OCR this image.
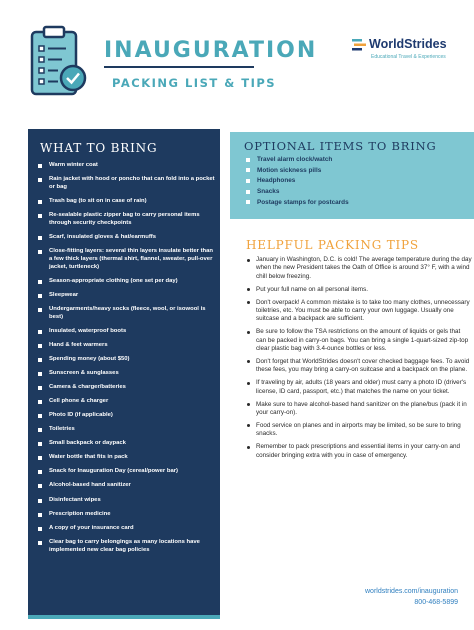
INAUGURATION
PACKING LIST & TIPS
WorldStrides
Educational Travel & Experiences
WHAT TO BRING
Warm winter coat
Rain jacket with hood or poncho that can fold into a pocket or bag
Trash bag (to sit on in case of rain)
Re-sealable plastic zipper bag to carry personal items through security checkpoints
Scarf, insulated gloves & hat/earmuffs
Close-fitting layers: several thin layers insulate better than a few thick layers (thermal shirt, flannel, sweater, pull-over jacket, turtleneck)
Season-appropriate clothing (one set per day)
Sleepwear
Undergarments/heavy socks (fleece, wool, or isowool is best)
Insulated, waterproof boots
Hand & feet warmers
Spending money (about $50)
Sunscreen & sunglasses
Camera & charger/batteries
Cell phone & charger
Photo ID (if applicable)
Toiletries
Small backpack or daypack
Water bottle that fits in pack
Snack for Inauguration Day (cereal/power bar)
Alcohol-based hand sanitizer
Disinfectant wipes
Prescription medicine
A copy of your insurance card
Clear bag to carry belongings as many locations have implemented new clear bag policies
OPTIONAL ITEMS TO BRING
Travel alarm clock/watch
Motion sickness pills
Headphones
Snacks
Postage stamps for postcards
HELPFUL PACKING TIPS
January in Washington, D.C. is cold! The average temperature during the day when the new President takes the Oath of Office is around 37° F, with a wind chill below freezing.
Put your full name on all personal items.
Don't overpack! A common mistake is to take too many clothes, unnecessary toiletries, etc. You must be able to carry your own luggage. Usually one suitcase and a backpack are sufficient.
Be sure to follow the TSA restrictions on the amount of liquids or gels that can be packed in carry-on bags. You can bring a single 1-quart-sized zip-top clear plastic bag with 3.4-ounce bottles or less.
Don't forget that WorldStrides doesn't cover checked baggage fees. To avoid these fees, you may bring a carry-on suitcase and a backpack on the plane.
If traveling by air, adults (18 years and older) must carry a photo ID (driver's license, ID card, passport, etc.) that matches the name on your ticket.
Make sure to have alcohol-based hand sanitizer on the plane/bus (pack it in your carry-on).
Food service on planes and in airports may be limited, so be sure to bring snacks.
Remember to pack prescriptions and essential items in your carry-on and consider bringing extra with you in case of emergency.
worldstrides.com/inauguration
800-468-5899
